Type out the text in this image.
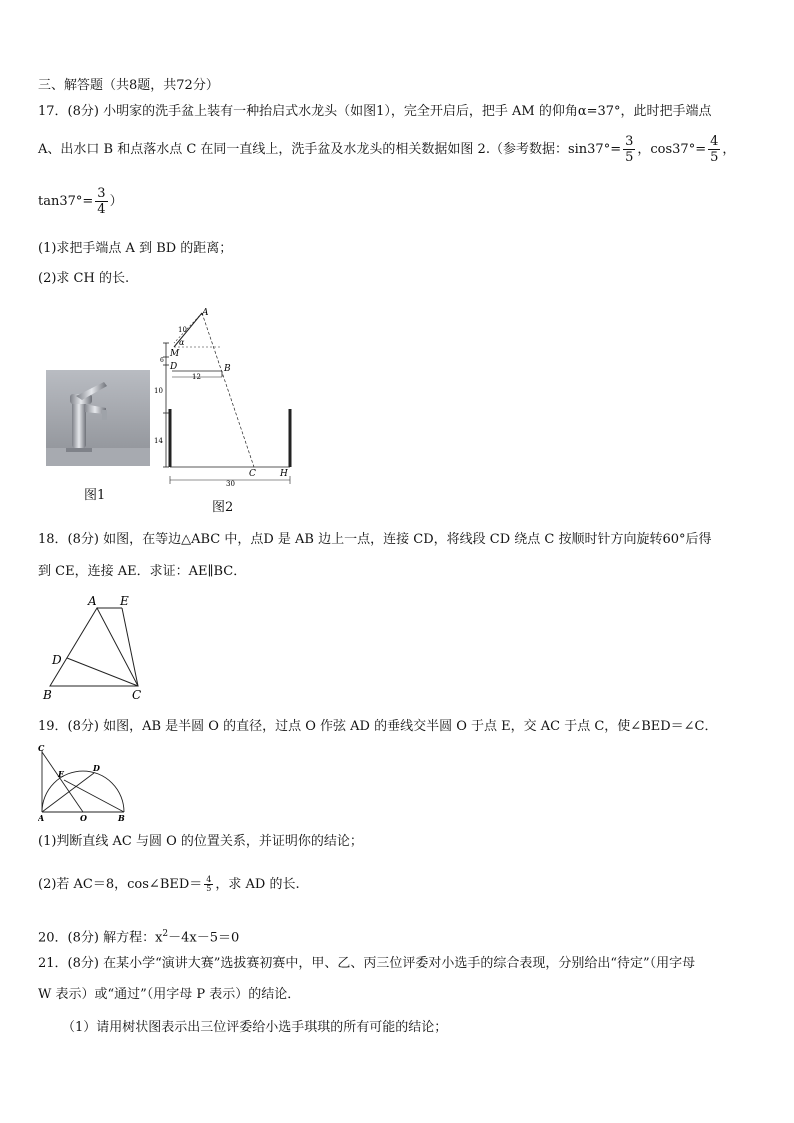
三、解答题（共8题，共72分）
17．(8分) 小明家的洗手盆上装有一种抬启式水龙头（如图1），完全开启后，把手 AM 的仰角α=37°，此时把手端点
A、出水口 B 和点落水点 C 在同一直线上，洗手盆及水龙头的相关数据如图 2.（参考数据：$\sin 37^\circ= \frac{3}{5}$ ，$\cos 37^\circ= \frac{4}{5}$ ，
$\tan 37^\circ= \frac{3}{4}$ ）
(1)求把手端点 A 到 BD 的距离；
(2)求 CH 的长.
图1
A
10
α
M
6
D
12
B
10
14
C	H
30
图2
18．(8分) 如图，在等边△ABC 中，点D 是 AB 边上一点，连接 CD，将线段 CD 绕点 C 按顺时针方向旋转60°后得
到 CE，连接 AE．求证：AE∥BC．
A E
D
B	C
19．(8分) 如图，AB 是半圆 O 的直径，过点 O 作弦 AD 的垂线交半圆 O 于点 E，交 AC 于点 C，使∠BED＝∠C．
C
E
D
A	O	B
(1)判断直线 AC 与圆 O 的位置关系，并证明你的结论；
(2)若 AC＝8，cos∠BED＝ $\frac{4}{5}$ ，求 AD 的长.
20．(8分) 解方程：$x^2-4x-5=0$
21．(8分) 在某小学“演讲大赛”选拔赛初赛中，甲、乙、丙三位评委对小选手的综合表现，分别给出“待定”（用字母
W 表示）或“通过”（用字母 P 表示）的结论．
（1）请用树状图表示出三位评委给小选手琪琪的所有可能的结论；
